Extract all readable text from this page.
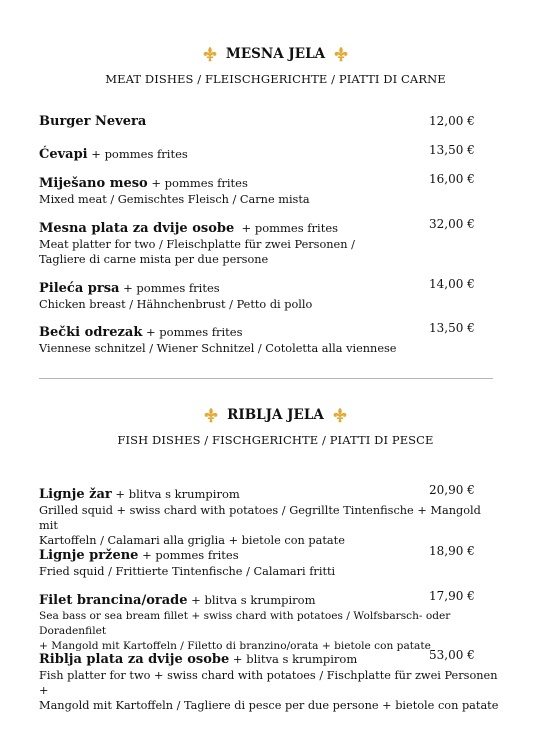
MESNA JELA
MEAT DISHES / FLEISCHGERICHTE / PIATTI DI CARNE
Burger Nevera	12,00 €
Ćevapi + pommes frites	13,50 €
Miješano meso + pommes frites	16,00 €
Mixed meat / Gemischtes Fleisch / Carne mista
Mesna plata za dvije osobe  + pommes frites	32,00 €
Meat platter for two / Fleischplatte für zwei Personen /
Tagliere di carne mista per due persone
Pileća prsa + pommes frites	14,00 €
Chicken breast / Hähnchenbrust / Petto di pollo
Bečki odrezak + pommes frites	13,50 €
Viennese schnitzel / Wiener Schnitzel / Cotoletta alla viennese
RIBLJA JELA
FISH DISHES / FISCHGERICHTE / PIATTI DI PESCE
Lignje žar + blitva s krumpirom	20,90 €
Grilled squid + swiss chard with potatoes / Gegrillte Tintenfische + Mangold mit
Kartoffeln / Calamari alla griglia + bietole con patate
Lignje pržene + pommes frites	18,90 €
Fried squid / Frittierte Tintenfische / Calamari fritti
Filet brancina/orade + blitva s krumpirom	17,90 €
Sea bass or sea bream fillet + swiss chard with potatoes / Wolfsbarsch- oder Doradenfilet
+ Mangold mit Kartoffeln / Filetto di branzino/orata + bietole con patate
Riblja plata za dvije osobe + blitva s krumpirom	53,00 €
Fish platter for two + swiss chard with potatoes / Fischplatte für zwei Personen +
Mangold mit Kartoffeln / Tagliere di pesce per due persone + bietole con patate
